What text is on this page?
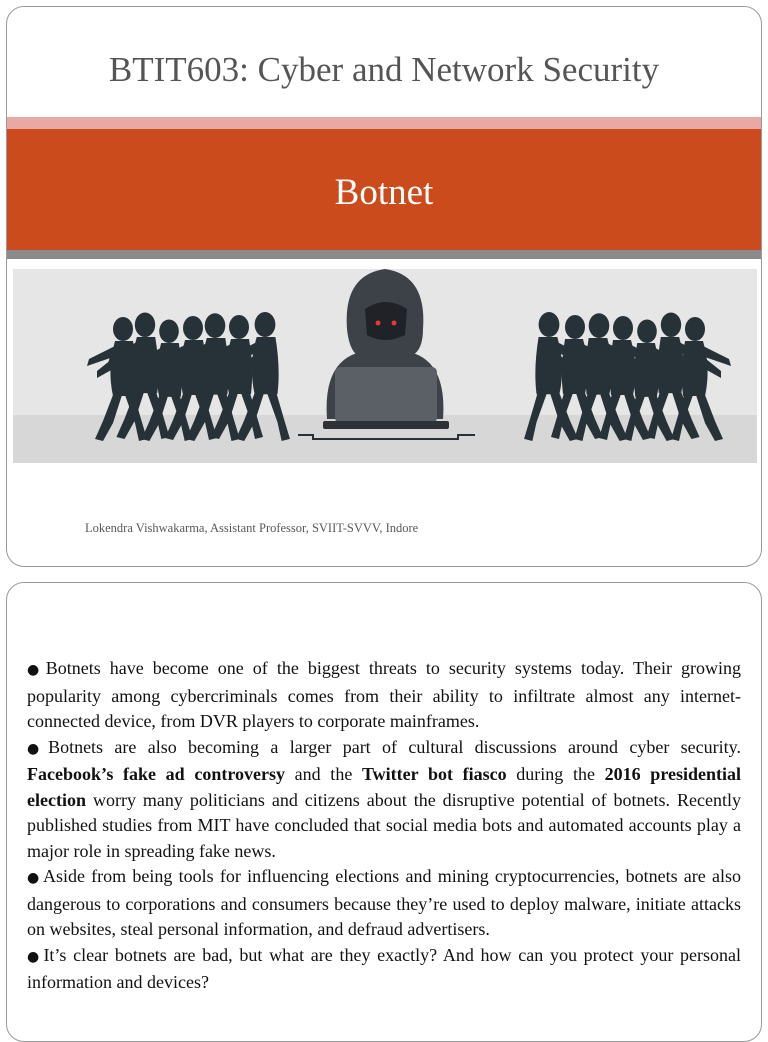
BTIT603: Cyber and Network Security
Botnet
Lokendra Vishwakarma, Assistant Professor, SVIIT-SVVV, Indore

● Botnets have become one of the biggest threats to security systems today. Their growing popularity among cybercriminals comes from their ability to infiltrate almost any internet-connected device, from DVR players to corporate mainframes.

● Botnets are also becoming a larger part of cultural discussions around cyber security. Facebook’s fake ad controversy and the Twitter bot fiasco during the 2016 presidential election worry many politicians and citizens about the disruptive potential of botnets. Recently published studies from MIT have concluded that social media bots and automated accounts play a major role in spreading fake news.

● Aside from being tools for influencing elections and mining cryptocurrencies, botnets are also dangerous to corporations and consumers because they’re used to deploy malware, initiate attacks on websites, steal personal information, and defraud advertisers.

● It’s clear botnets are bad, but what are they exactly? And how can you protect your personal information and devices?
